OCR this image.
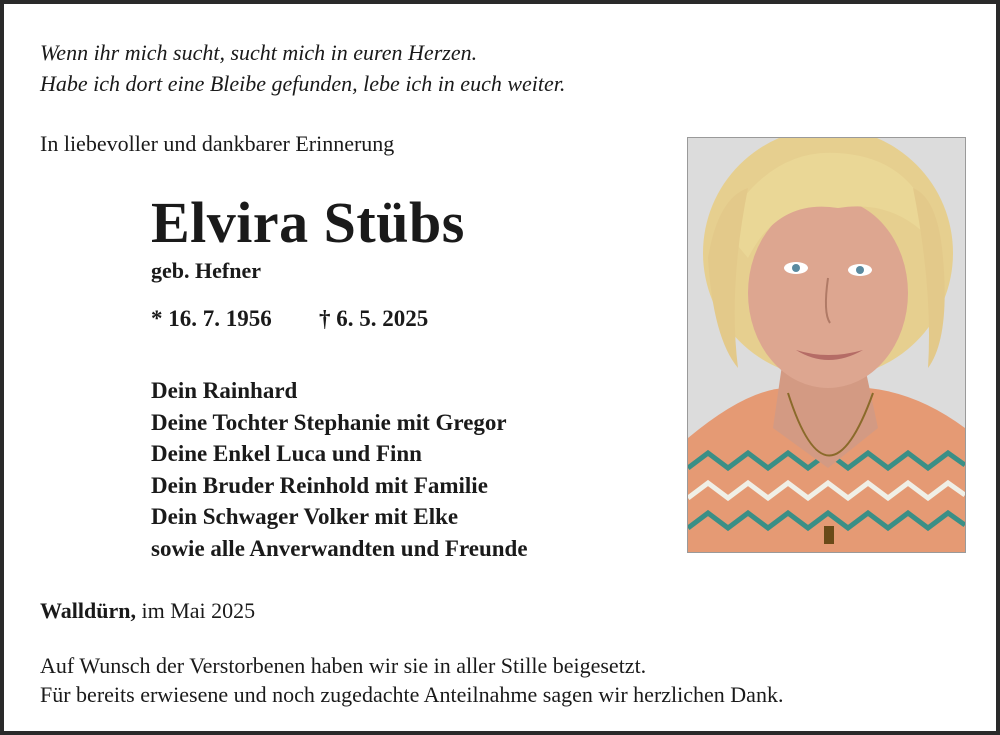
Wenn ihr mich sucht, sucht mich in euren Herzen.
Habe ich dort eine Bleibe gefunden, lebe ich in euch weiter.
In liebevoller und dankbarer Erinnerung
Elvira Stübs
geb. Hefner
* 16. 7. 1956 † 6. 5. 2025
Dein Rainhard
Deine Tochter Stephanie mit Gregor
Deine Enkel Luca und Finn
Dein Bruder Reinhold mit Familie
Dein Schwager Volker mit Elke
sowie alle Anverwandten und Freunde
Walldürn, im Mai 2025
Auf Wunsch der Verstorbenen haben wir sie in aller Stille beigesetzt.
Für bereits erwiesene und noch zugedachte Anteilnahme sagen wir herzlichen Dank.
